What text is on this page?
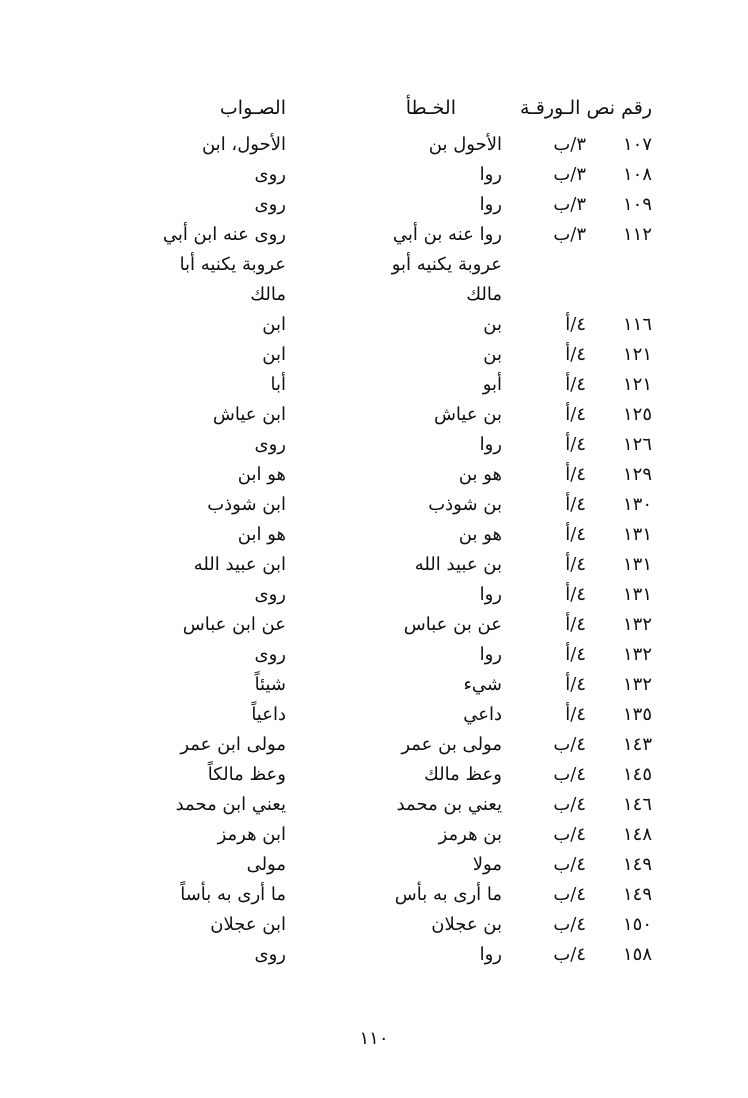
رقم نص الـورقـة
الخـطأ
الصـواب
١٠٧
٣/ب
الأحول بن
الأحول، ابن
١٠٨
٣/ب
روا
روى
١٠٩
٣/ب
روا
روى
١١٢
٣/ب
روا عنه بن أبي
عروبة يكنيه أبو
مالك
روى عنه ابن أبي
عروبة يكنيه أبا
مالك
١١٦
٤/أ
بن
ابن
١٢١
٤/أ
بن
ابن
١٢١
٤/أ
أبو
أبا
١٢٥
٤/أ
بن عياش
ابن عياش
١٢٦
٤/أ
روا
روى
١٢٩
٤/أ
هو بن
هو ابن
١٣٠
٤/أ
بن شوذب
ابن شوذب
١٣١
٤/أ
هو بن
هو ابن
١٣١
٤/أ
بن عبيد الله
ابن عبيد الله
١٣١
٤/أ
روا
روى
١٣٢
٤/أ
عن بن عباس
عن ابن عباس
١٣٢
٤/أ
روا
روى
١٣٢
٤/أ
شيء
شيئاً
١٣٥
٤/أ
داعي
داعياً
١٤٣
٤/ب
مولى بن عمر
مولى ابن عمر
١٤٥
٤/ب
وعظ مالك
وعظ مالكاً
١٤٦
٤/ب
يعني بن محمد
يعني ابن محمد
١٤٨
٤/ب
بن هرمز
ابن هرمز
١٤٩
٤/ب
مولا
مولى
١٤٩
٤/ب
ما أرى به بأس
ما أرى به بأساً
١٥٠
٤/ب
بن عجلان
ابن عجلان
١٥٨
٤/ب
روا
روى
١١٠
